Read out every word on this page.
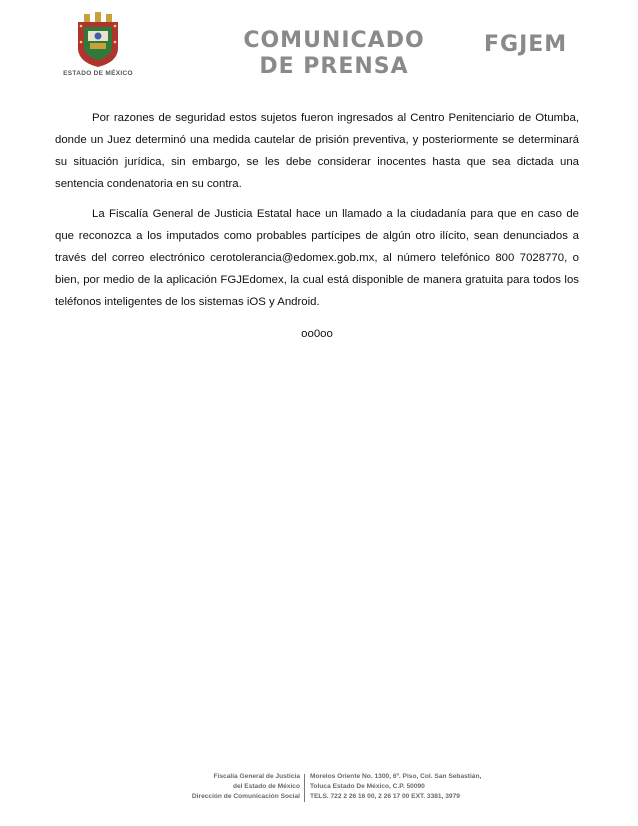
ESTADO DE MÉXICO
COMUNICADO
DE PRENSA
FGJEM

Por razones de seguridad estos sujetos fueron ingresados al Centro Penitenciario de Otumba, donde un Juez determinó una medida cautelar de prisión preventiva, y posteriormente se determinará su situación jurídica, sin embargo, se les debe considerar inocentes hasta que sea dictada una sentencia condenatoria en su contra.

La Fiscalía General de Justicia Estatal hace un llamado a la ciudadanía para que en caso de que reconozca a los imputados como probables partícipes de algún otro ilícito, sean denunciados a través del correo electrónico cerotolerancia@edomex.gob.mx, al número telefónico 800 7028770, o bien, por medio de la aplicación FGJEdomex, la cual está disponible de manera gratuita para todos los teléfonos inteligentes de los sistemas iOS y Android.

oo0oo

Fiscalía General de Justicia
del Estado de México
Dirección de Comunicación Social
Morelos Oriente No. 1300, 6º. Piso, Col. San Sebastián,
Toluca Estado De México, C.P. 50090
TELS. 722 2 26 16 00, 2 26 17 00 EXT. 3381, 3979
